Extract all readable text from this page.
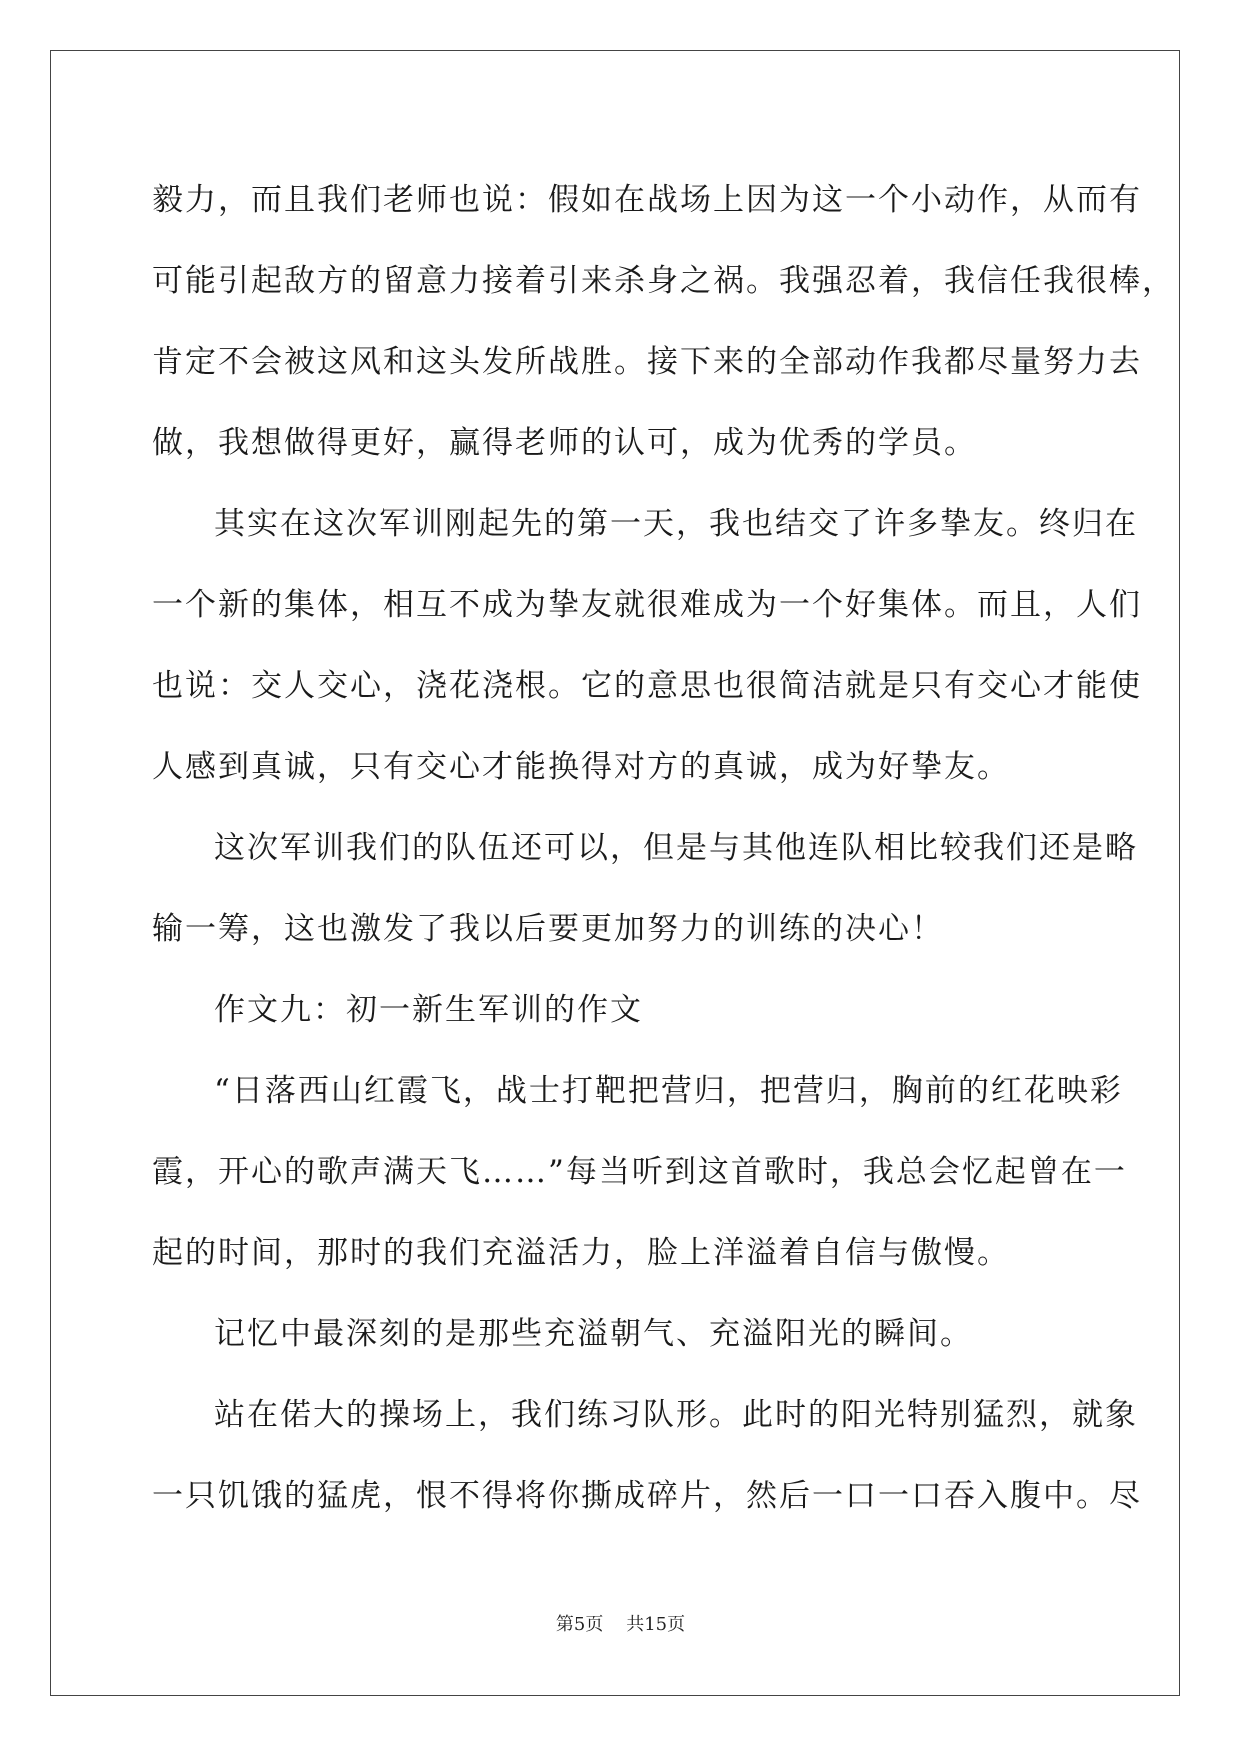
毅力，而且我们老师也说：假如在战场上因为这一个小动作，从而有
可能引起敌方的留意力接着引来杀身之祸。我强忍着，我信任我很棒，
肯定不会被这风和这头发所战胜。接下来的全部动作我都尽量努力去
做，我想做得更好，赢得老师的认可，成为优秀的学员。
其实在这次军训刚起先的第一天，我也结交了许多挚友。终归在
一个新的集体，相互不成为挚友就很难成为一个好集体。而且，人们
也说：交人交心，浇花浇根。它的意思也很简洁就是只有交心才能使
人感到真诚，只有交心才能换得对方的真诚，成为好挚友。
这次军训我们的队伍还可以，但是与其他连队相比较我们还是略
输一筹，这也激发了我以后要更加努力的训练的决心！
作文九：初一新生军训的作文
“日落西山红霞飞，战士打靶把营归，把营归，胸前的红花映彩
霞，开心的歌声满天飞……”每当听到这首歌时，我总会忆起曾在一
起的时间，那时的我们充溢活力，脸上洋溢着自信与傲慢。
记忆中最深刻的是那些充溢朝气、充溢阳光的瞬间。
站在偌大的操场上，我们练习队形。此时的阳光特别猛烈，就象
一只饥饿的猛虎，恨不得将你撕成碎片，然后一口一口吞入腹中。尽
第5页    共15页
